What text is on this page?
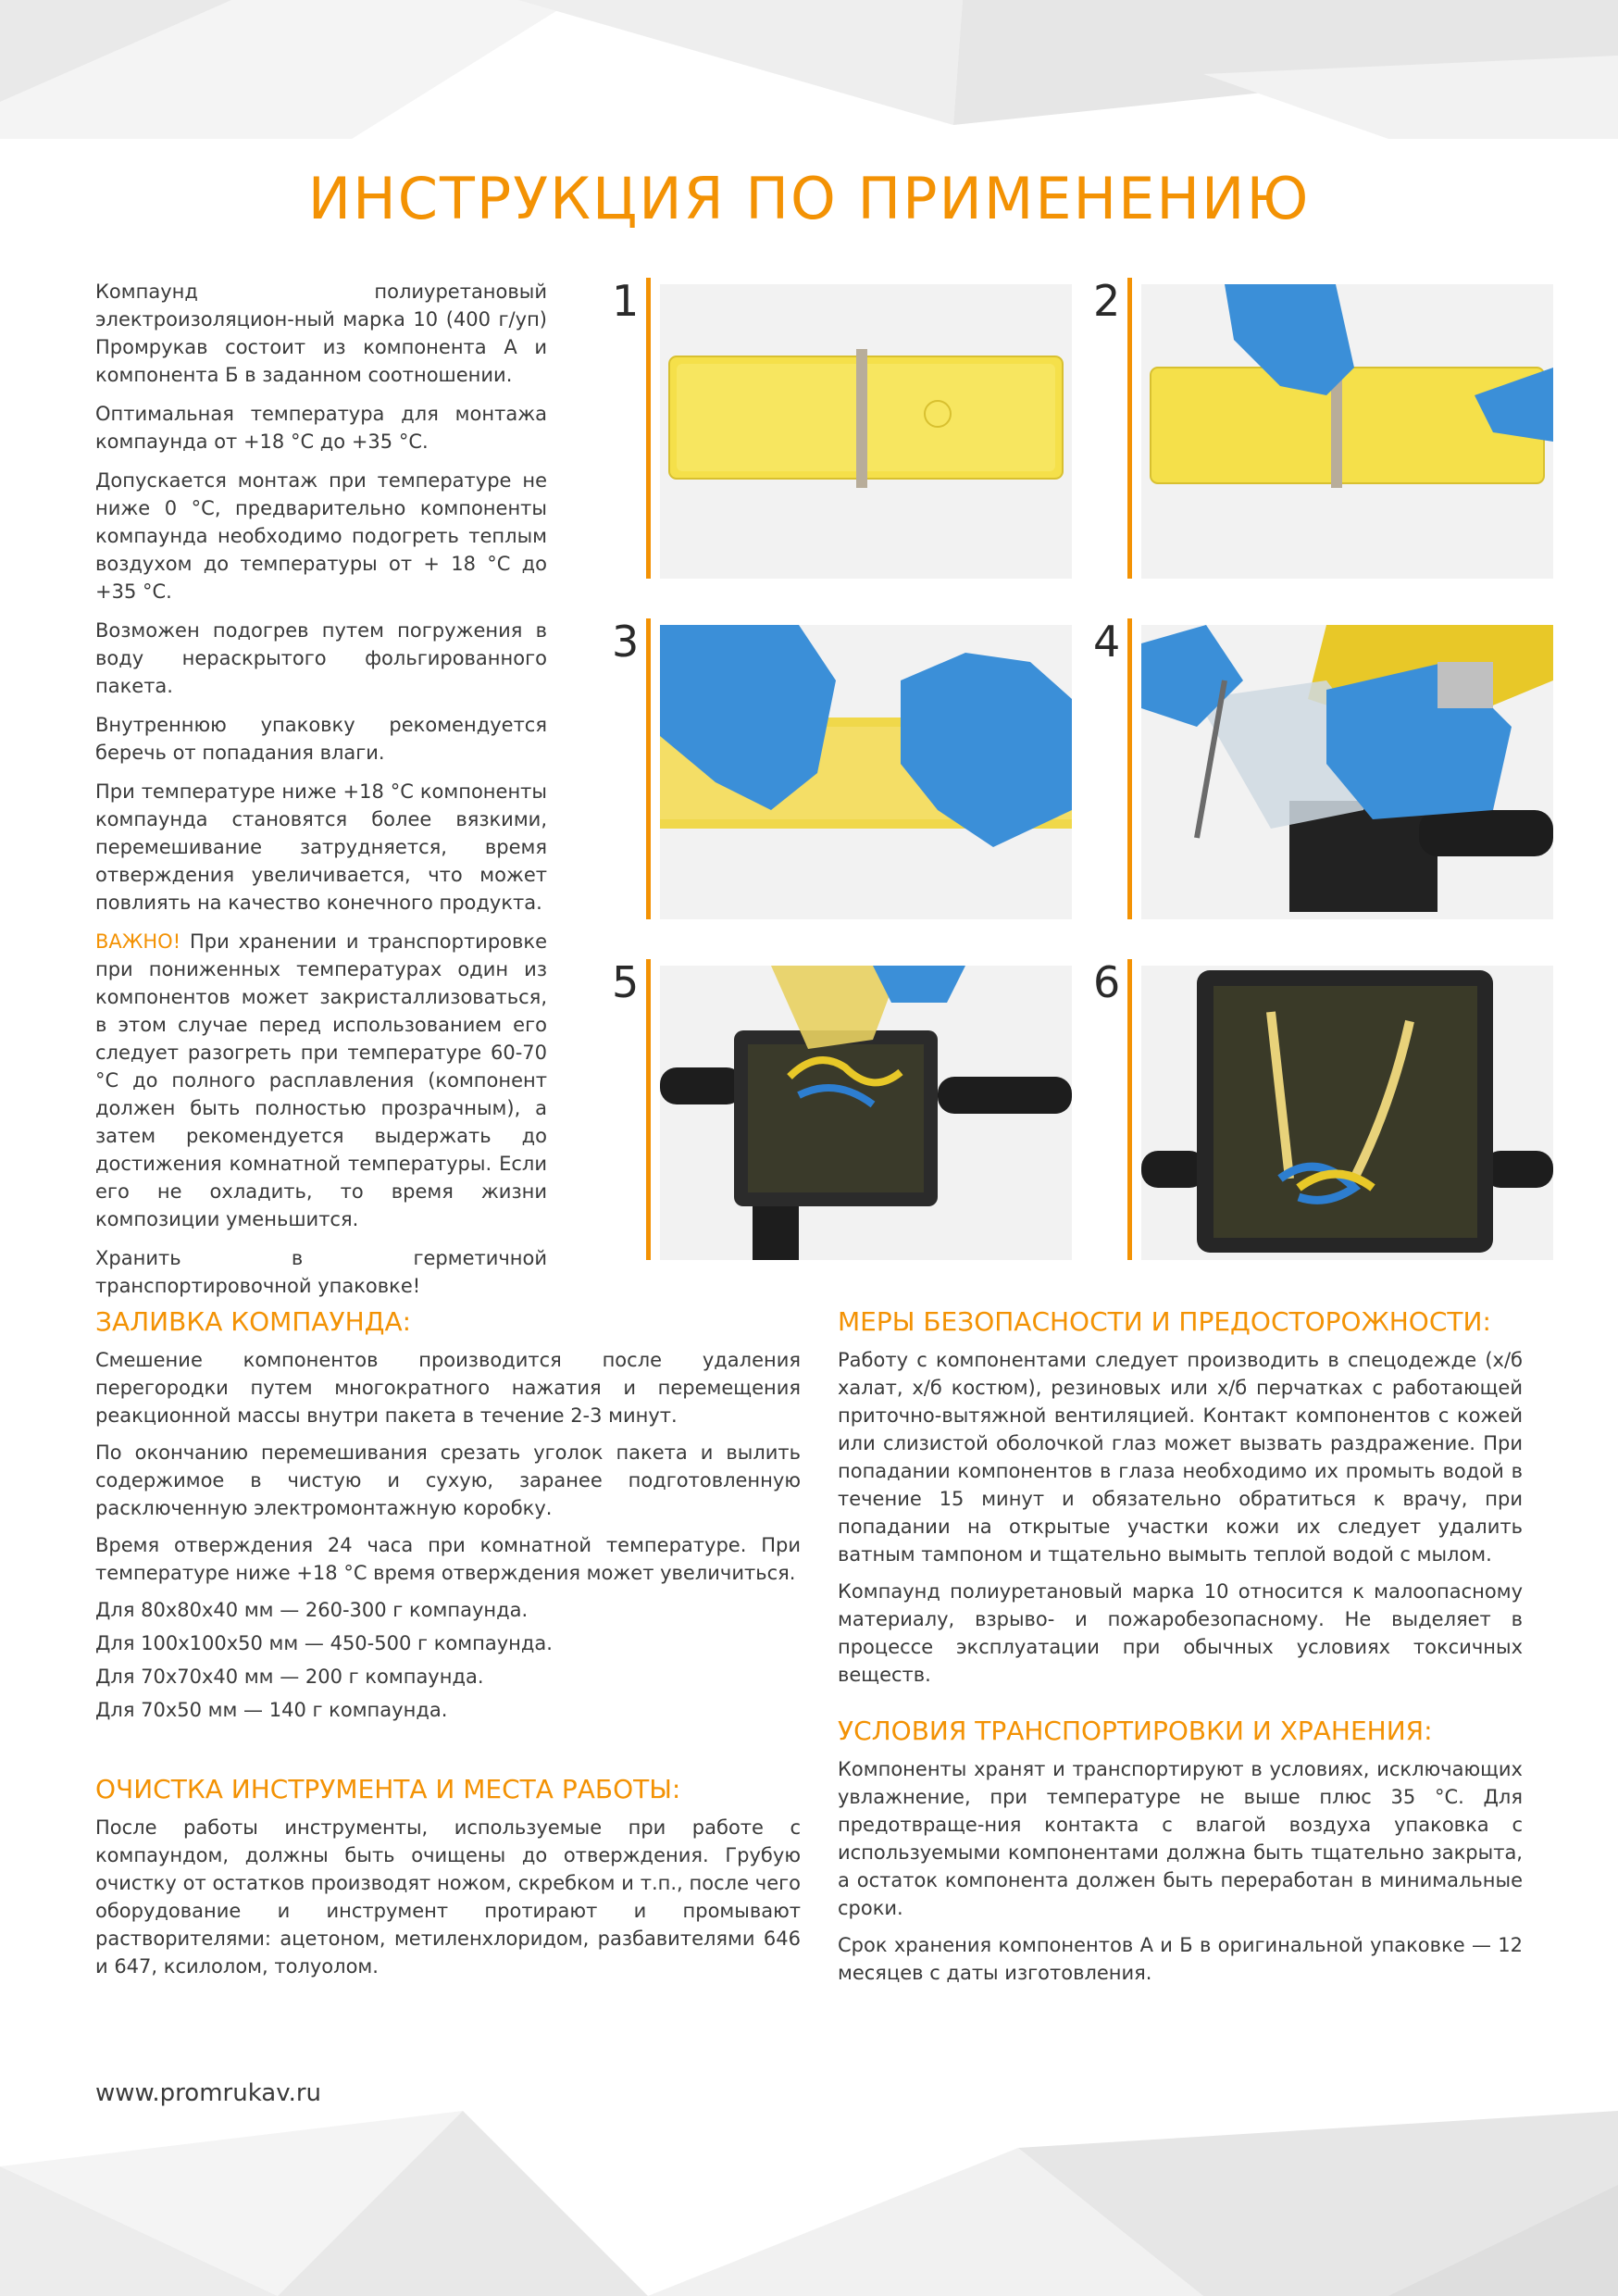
ИНСТРУКЦИЯ ПО ПРИМЕНЕНИЮ

Компаунд полиуретановый электроизоляцион-ный марка 10 (400 г/уп) Промрукав состоит из компонента А и компонента Б в заданном соотношении.

Оптимальная температура для монтажа компаунда от +18 °С до +35 °С.

Допускается монтаж при температуре не ниже 0 °С, предварительно компоненты компаунда необходимо подогреть теплым воздухом до температуры от + 18 °С до +35 °С.

Возможен подогрев путем погружения в воду нераскрытого фольгированного пакета.

Внутреннюю упаковку рекомендуется беречь от попадания влаги.

При температуре ниже +18 °С компоненты компаунда становятся более вязкими, перемешивание затрудняется, время отверждения увеличивается, что может повлиять на качество конечного продукта.

ВАЖНО! При хранении и транспортировке при пониженных температурах один из компонентов может закристаллизоваться, в этом случае перед использованием его следует разогреть при температуре 60-70 °С до полного расплавления (компонент должен быть полностью прозрачным), а затем рекомендуется выдержать до достижения комнатной температуры. Если его не охладить, то время жизни композиции уменьшится.

Хранить в герметичной транспортировочной упаковке!

1	2
3	4
5	6
ЗАЛИВКА КОМПАУНДА:

Смешение компонентов производится после удаления перегородки путем многократного нажатия и перемещения реакционной массы внутри пакета в течение 2-3 минут.

По окончанию перемешивания срезать уголок пакета и вылить содержимое в чистую и сухую, заранее подготовленную расключенную электромонтажную коробку.

Время отверждения 24 часа при комнатной температуре. При температуре ниже +18 °С время отверждения может увеличиться.

Для 80х80х40 мм — 260-300 г компаунда.

Для 100х100х50 мм — 450-500 г компаунда.

Для 70х70х40 мм — 200 г компаунда.

Для 70х50 мм — 140 г компаунда.

ОЧИСТКА ИНСТРУМЕНТА И МЕСТА РАБОТЫ:

После работы инструменты, используемые при работе с компаундом, должны быть очищены до отверждения. Грубую очистку от остатков производят ножом, скребком и т.п., после чего оборудование и инструмент протирают и промывают растворителями: ацетоном, метиленхлоридом, разбавителями 646 и 647, ксилолом, толуолом.

МЕРЫ БЕЗОПАСНОСТИ И ПРЕДОСТОРОЖНОСТИ:

Работу с компонентами следует производить в спецодежде (х/б халат, х/б костюм), резиновых или х/б перчатках с работающей приточно-вытяжной вентиляцией. Контакт компонентов с кожей или слизистой оболочкой глаз может вызвать раздражение. При попадании компонентов в глаза необходимо их промыть водой в течение 15 минут и обязательно обратиться к врачу, при попадании на открытые участки кожи их следует удалить ватным тампоном и тщательно вымыть теплой водой с мылом.

Компаунд полиуретановый марка 10 относится к малоопасному материалу, взрыво- и пожаробезопасному. Не выделяет в процессе эксплуатации при обычных условиях токсичных веществ.

УСЛОВИЯ ТРАНСПОРТИРОВКИ И ХРАНЕНИЯ:

Компоненты хранят и транспортируют в условиях, исключающих увлажнение, при температуре не выше плюс 35 °С. Для предотвраще-ния контакта с влагой воздуха упаковка с используемыми компонентами должна быть тщательно закрыта, а остаток компонента должен быть переработан в минимальные сроки.

Срок хранения компонентов А и Б в оригинальной упаковке — 12 месяцев с даты изготовления.

www.promrukav.ru
